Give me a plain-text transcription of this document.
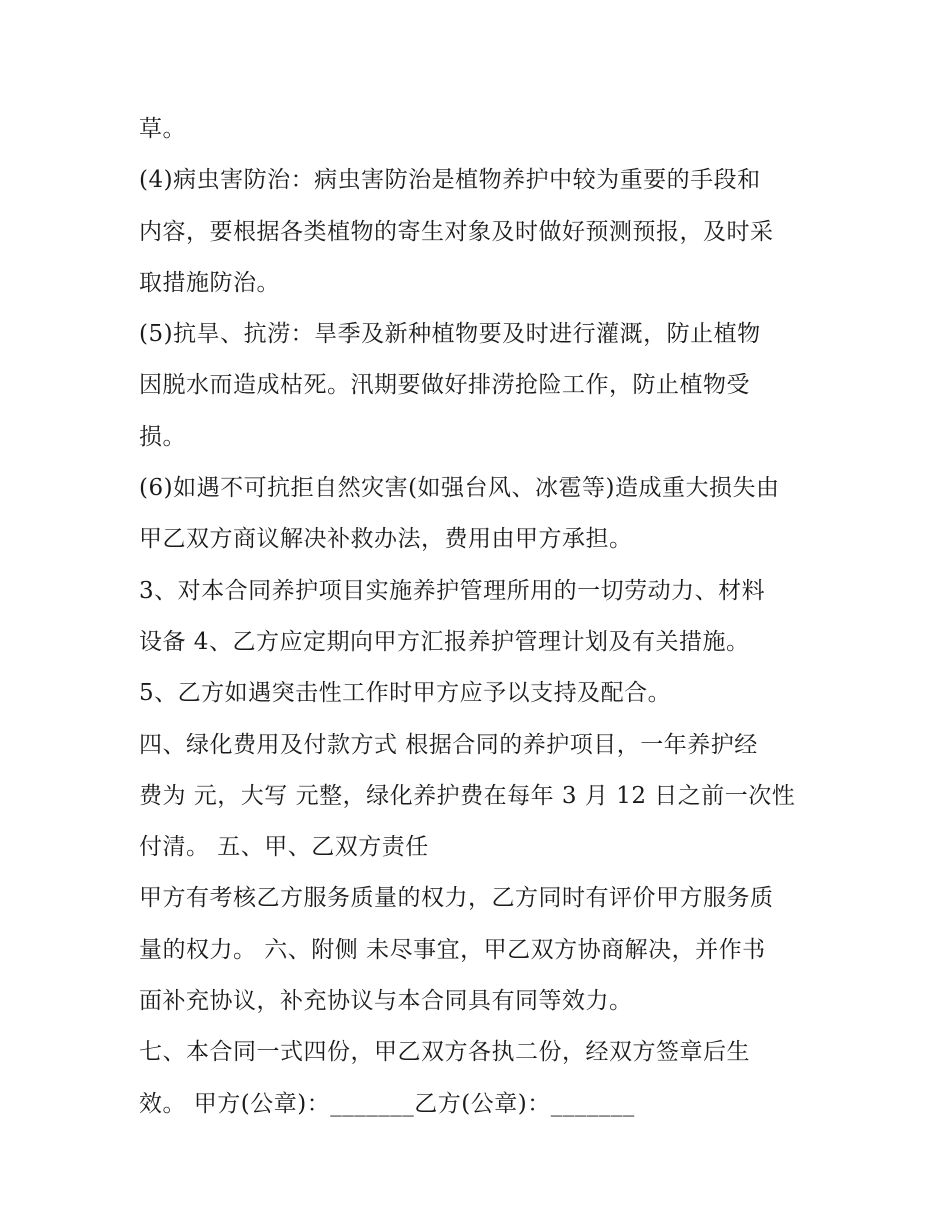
草。
(4)病虫害防治：病虫害防治是植物养护中较为重要的手段和
内容，要根据各类植物的寄生对象及时做好预测预报，及时采
取措施防治。
(5)抗旱、抗涝：旱季及新种植物要及时进行灌溉，防止植物
因脱水而造成枯死。汛期要做好排涝抢险工作，防止植物受
损。
(6)如遇不可抗拒自然灾害(如强台风、冰雹等)造成重大损失由
甲乙双方商议解决补救办法，费用由甲方承担。
3、对本合同养护项目实施养护管理所用的一切劳动力、材料
设备 4、乙方应定期向甲方汇报养护管理计划及有关措施。
5、乙方如遇突击性工作时甲方应予以支持及配合。
四、绿化费用及付款方式 根据合同的养护项目，一年养护经
费为 元，大写 元整，绿化养护费在每年 3 月 12 日之前一次性
付清。 五、甲、乙双方责任
甲方有考核乙方服务质量的权力，乙方同时有评价甲方服务质
量的权力。 六、附侧 未尽事宜，甲乙双方协商解决，并作书
面补充协议，补充协议与本合同具有同等效力。
七、本合同一式四份，甲乙双方各执二份，经双方签章后生
效。 甲方(公章)：_______乙方(公章)：_______
